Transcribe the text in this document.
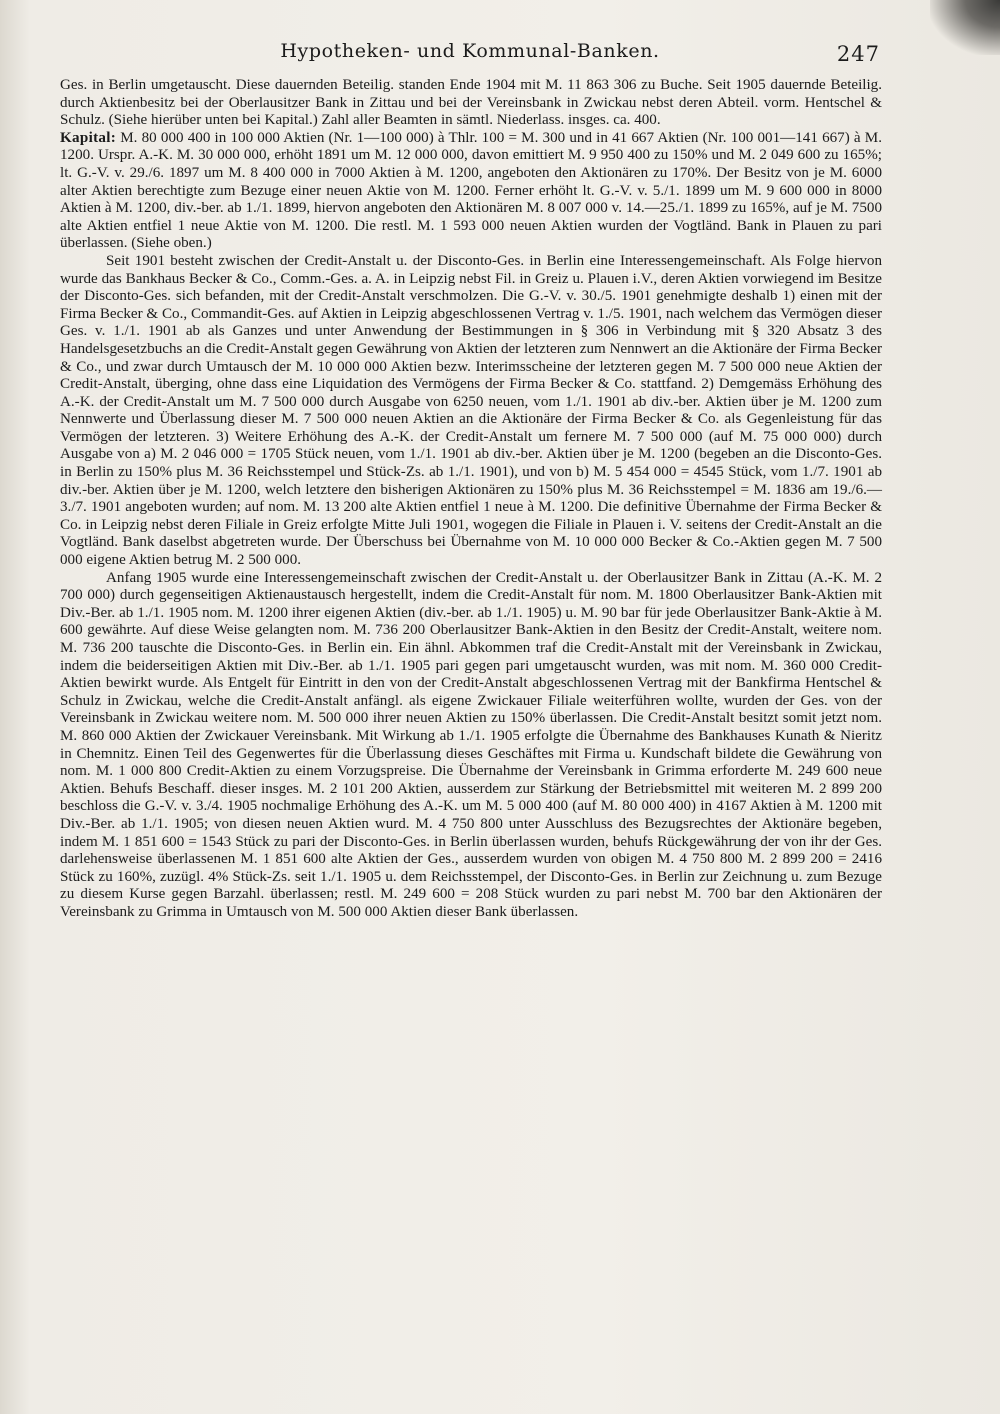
Hypotheken- und Kommunal-Banken.	247

Ges. in Berlin umgetauscht. Diese dauernden Beteilig. standen Ende 1904 mit M. 11 863 306 zu Buche. Seit 1905 dauernde Beteilig. durch Aktienbesitz bei der Oberlausitzer Bank in Zittau und bei der Vereinsbank in Zwickau nebst deren Abteil. vorm. Hentschel & Schulz. (Siehe hierüber unten bei Kapital.) Zahl aller Beamten in sämtl. Niederlass. insges. ca. 400.

Kapital: M. 80 000 400 in 100 000 Aktien (Nr. 1—100 000) à Thlr. 100 = M. 300 und in 41 667 Aktien (Nr. 100 001—141 667) à M. 1200. Urspr. A.-K. M. 30 000 000, erhöht 1891 um M. 12 000 000, davon emittiert M. 9 950 400 zu 150% und M. 2 049 600 zu 165%; lt. G.-V. v. 29./6. 1897 um M. 8 400 000 in 7000 Aktien à M. 1200, angeboten den Aktionären zu 170%. Der Besitz von je M. 6000 alter Aktien berechtigte zum Bezuge einer neuen Aktie von M. 1200. Ferner erhöht lt. G.-V. v. 5./1. 1899 um M. 9 600 000 in 8000 Aktien à M. 1200, div.-ber. ab 1./1. 1899, hiervon angeboten den Aktionären M. 8 007 000 v. 14.—25./1. 1899 zu 165%, auf je M. 7500 alte Aktien entfiel 1 neue Aktie von M. 1200. Die restl. M. 1 593 000 neuen Aktien wurden der Vogtländ. Bank in Plauen zu pari überlassen. (Siehe oben.)

Seit 1901 besteht zwischen der Credit-Anstalt u. der Disconto-Ges. in Berlin eine Interessengemeinschaft. Als Folge hiervon wurde das Bankhaus Becker & Co., Comm.-Ges. a. A. in Leipzig nebst Fil. in Greiz u. Plauen i.V., deren Aktien vorwiegend im Besitze der Disconto-Ges. sich befanden, mit der Credit-Anstalt verschmolzen. Die G.-V. v. 30./5. 1901 genehmigte deshalb 1) einen mit der Firma Becker & Co., Commandit-Ges. auf Aktien in Leipzig abgeschlossenen Vertrag v. 1./5. 1901, nach welchem das Vermögen dieser Ges. v. 1./1. 1901 ab als Ganzes und unter Anwendung der Bestimmungen in § 306 in Verbindung mit § 320 Absatz 3 des Handelsgesetzbuchs an die Credit-Anstalt gegen Gewährung von Aktien der letzteren zum Nennwert an die Aktionäre der Firma Becker & Co., und zwar durch Umtausch der M. 10 000 000 Aktien bezw. Interimsscheine der letzteren gegen M. 7 500 000 neue Aktien der Credit-Anstalt, überging, ohne dass eine Liquidation des Vermögens der Firma Becker & Co. stattfand. 2) Demgemäss Erhöhung des A.-K. der Credit-Anstalt um M. 7 500 000 durch Ausgabe von 6250 neuen, vom 1./1. 1901 ab div.-ber. Aktien über je M. 1200 zum Nennwerte und Überlassung dieser M. 7 500 000 neuen Aktien an die Aktionäre der Firma Becker & Co. als Gegenleistung für das Vermögen der letzteren. 3) Weitere Erhöhung des A.-K. der Credit-Anstalt um fernere M. 7 500 000 (auf M. 75 000 000) durch Ausgabe von a) M. 2 046 000 = 1705 Stück neuen, vom 1./1. 1901 ab div.-ber. Aktien über je M. 1200 (begeben an die Disconto-Ges. in Berlin zu 150% plus M. 36 Reichsstempel und Stück-Zs. ab 1./1. 1901), und von b) M. 5 454 000 = 4545 Stück, vom 1./7. 1901 ab div.-ber. Aktien über je M. 1200, welch letztere den bisherigen Aktionären zu 150% plus M. 36 Reichsstempel = M. 1836 am 19./6.—3./7. 1901 angeboten wurden; auf nom. M. 13 200 alte Aktien entfiel 1 neue à M. 1200. Die definitive Übernahme der Firma Becker & Co. in Leipzig nebst deren Filiale in Greiz erfolgte Mitte Juli 1901, wogegen die Filiale in Plauen i. V. seitens der Credit-Anstalt an die Vogtländ. Bank daselbst abgetreten wurde. Der Überschuss bei Übernahme von M. 10 000 000 Becker & Co.-Aktien gegen M. 7 500 000 eigene Aktien betrug M. 2 500 000.

Anfang 1905 wurde eine Interessengemeinschaft zwischen der Credit-Anstalt u. der Oberlausitzer Bank in Zittau (A.-K. M. 2 700 000) durch gegenseitigen Aktienaustausch hergestellt, indem die Credit-Anstalt für nom. M. 1800 Oberlausitzer Bank-Aktien mit Div.-Ber. ab 1./1. 1905 nom. M. 1200 ihrer eigenen Aktien (div.-ber. ab 1./1. 1905) u. M. 90 bar für jede Oberlausitzer Bank-Aktie à M. 600 gewährte. Auf diese Weise gelangten nom. M. 736 200 Oberlausitzer Bank-Aktien in den Besitz der Credit-Anstalt, weitere nom. M. 736 200 tauschte die Disconto-Ges. in Berlin ein. Ein ähnl. Abkommen traf die Credit-Anstalt mit der Vereinsbank in Zwickau, indem die beiderseitigen Aktien mit Div.-Ber. ab 1./1. 1905 pari gegen pari umgetauscht wurden, was mit nom. M. 360 000 Credit-Aktien bewirkt wurde. Als Entgelt für Eintritt in den von der Credit-Anstalt abgeschlossenen Vertrag mit der Bankfirma Hentschel & Schulz in Zwickau, welche die Credit-Anstalt anfängl. als eigene Zwickauer Filiale weiterführen wollte, wurden der Ges. von der Vereinsbank in Zwickau weitere nom. M. 500 000 ihrer neuen Aktien zu 150% überlassen. Die Credit-Anstalt besitzt somit jetzt nom. M. 860 000 Aktien der Zwickauer Vereinsbank. Mit Wirkung ab 1./1. 1905 erfolgte die Übernahme des Bankhauses Kunath & Nieritz in Chemnitz. Einen Teil des Gegenwertes für die Überlassung dieses Geschäftes mit Firma u. Kundschaft bildete die Gewährung von nom. M. 1 000 800 Credit-Aktien zu einem Vorzugspreise. Die Übernahme der Vereinsbank in Grimma erforderte M. 249 600 neue Aktien. Behufs Beschaff. dieser insges. M. 2 101 200 Aktien, ausserdem zur Stärkung der Betriebsmittel mit weiteren M. 2 899 200 beschloss die G.-V. v. 3./4. 1905 nochmalige Erhöhung des A.-K. um M. 5 000 400 (auf M. 80 000 400) in 4167 Aktien à M. 1200 mit Div.-Ber. ab 1./1. 1905; von diesen neuen Aktien wurd. M. 4 750 800 unter Ausschluss des Bezugsrechtes der Aktionäre begeben, indem M. 1 851 600 = 1543 Stück zu pari der Disconto-Ges. in Berlin überlassen wurden, behufs Rückgewährung der von ihr der Ges. darlehensweise überlassenen M. 1 851 600 alte Aktien der Ges., ausserdem wurden von obigen M. 4 750 800 M. 2 899 200 = 2416 Stück zu 160%, zuzügl. 4% Stück-Zs. seit 1./1. 1905 u. dem Reichsstempel, der Disconto-Ges. in Berlin zur Zeichnung u. zum Bezuge zu diesem Kurse gegen Barzahl. überlassen; restl. M. 249 600 = 208 Stück wurden zu pari nebst M. 700 bar den Aktionären der Vereinsbank zu Grimma in Umtausch von M. 500 000 Aktien dieser Bank überlassen.
